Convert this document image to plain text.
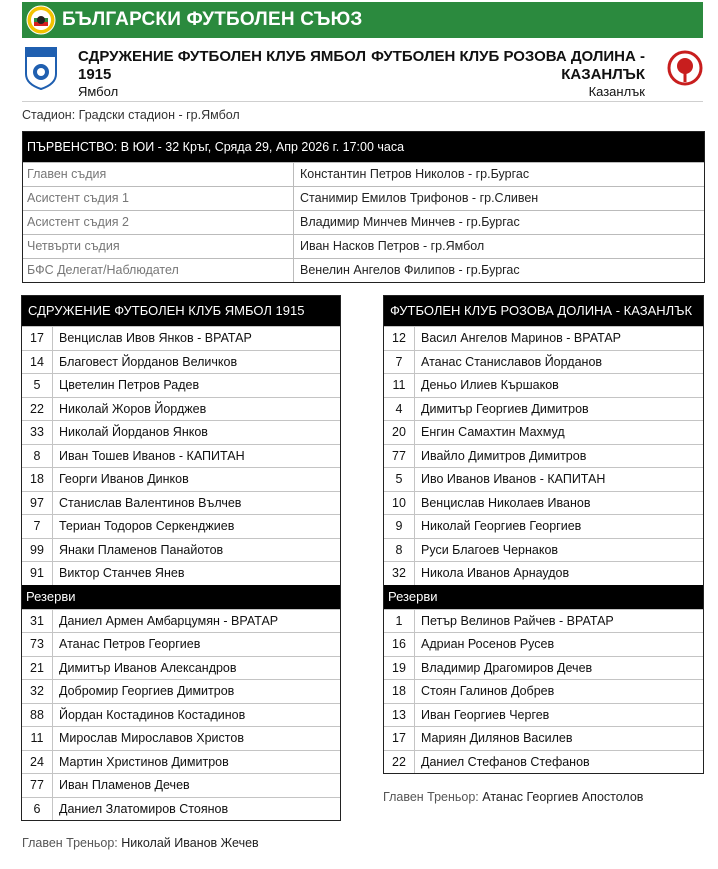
БЪЛГАРСКИ ФУТБОЛЕН СЪЮЗ
СДРУЖЕНИЕ ФУТБОЛЕН КЛУБ ЯМБОЛ 1915
Ямбол
ФУТБОЛЕН КЛУБ РОЗОВА ДОЛИНА - КАЗАНЛЪК
Казанлък
Стадион: Градски стадион - гр.Ямбол
ПЪРВЕНСТВО: В ЮИ - 32 Кръг, Сряда 29, Апр 2026 г. 17:00 часа
Главен съдия	Константин Петров Николов - гр.Бургас
Асистент съдия 1	Станимир Емилов Трифонов - гр.Сливен
Асистент съдия 2	Владимир Минчев Минчев - гр.Бургас
Четвърти съдия	Иван Насков Петров - гр.Ямбол
БФС Делегат/Наблюдател	Венелин Ангелов Филипов - гр.Бургас
СДРУЖЕНИЕ ФУТБОЛЕН КЛУБ ЯМБОЛ 1915
17	Венцислав Ивов Янков - ВРАТАР
14	Благовест Йорданов Величков
5	Цветелин Петров Радев
22	Николай Жоров Йорджев
33	Николай Йорданов Янков
8	Иван Тошев Иванов - КАПИТАН
18	Георги Иванов Динков
97	Станислав Валентинов Вълчев
7	Териан Тодоров Серкенджиев
99	Янаки Пламенов Панайотов
91	Виктор Станчев Янев
Резерви
31	Даниел Армен Амбарцумян - ВРАТАР
73	Атанас Петров Георгиев
21	Димитър Иванов Александров
32	Добромир Георгиев Димитров
88	Йордан Костадинов Костадинов
11	Мирослав Мирославов Христов
24	Мартин Христинов Димитров
77	Иван Пламенов Дечев
6	Даниел Златомиров Стоянов
ФУТБОЛЕН КЛУБ РОЗОВА ДОЛИНА - КАЗАНЛЪК
12	Васил Ангелов Маринов - ВРАТАР
7	Атанас Станиславов Йорданов
11	Деньо Илиев Кършаков
4	Димитър Георгиев Димитров
20	Енгин Самахтин Махмуд
77	Ивайло Димитров Димитров
5	Иво Иванов Иванов - КАПИТАН
10	Венцислав Николаев Иванов
9	Николай Георгиев Георгиев
8	Руси Благоев Чернаков
32	Никола Иванов Арнаудов
Резерви
1	Петър Велинов Райчев - ВРАТАР
16	Адриан Росенов Русев
19	Владимир Драгомиров Дечев
18	Стоян Галинов Добрев
13	Иван Георгиев Чергев
17	Мариян Дилянов Василев
22	Даниел Стефанов Стефанов
Главен Треньор: Атанас Георгиев Апостолов
Главен Треньор: Николай Иванов Жечев
